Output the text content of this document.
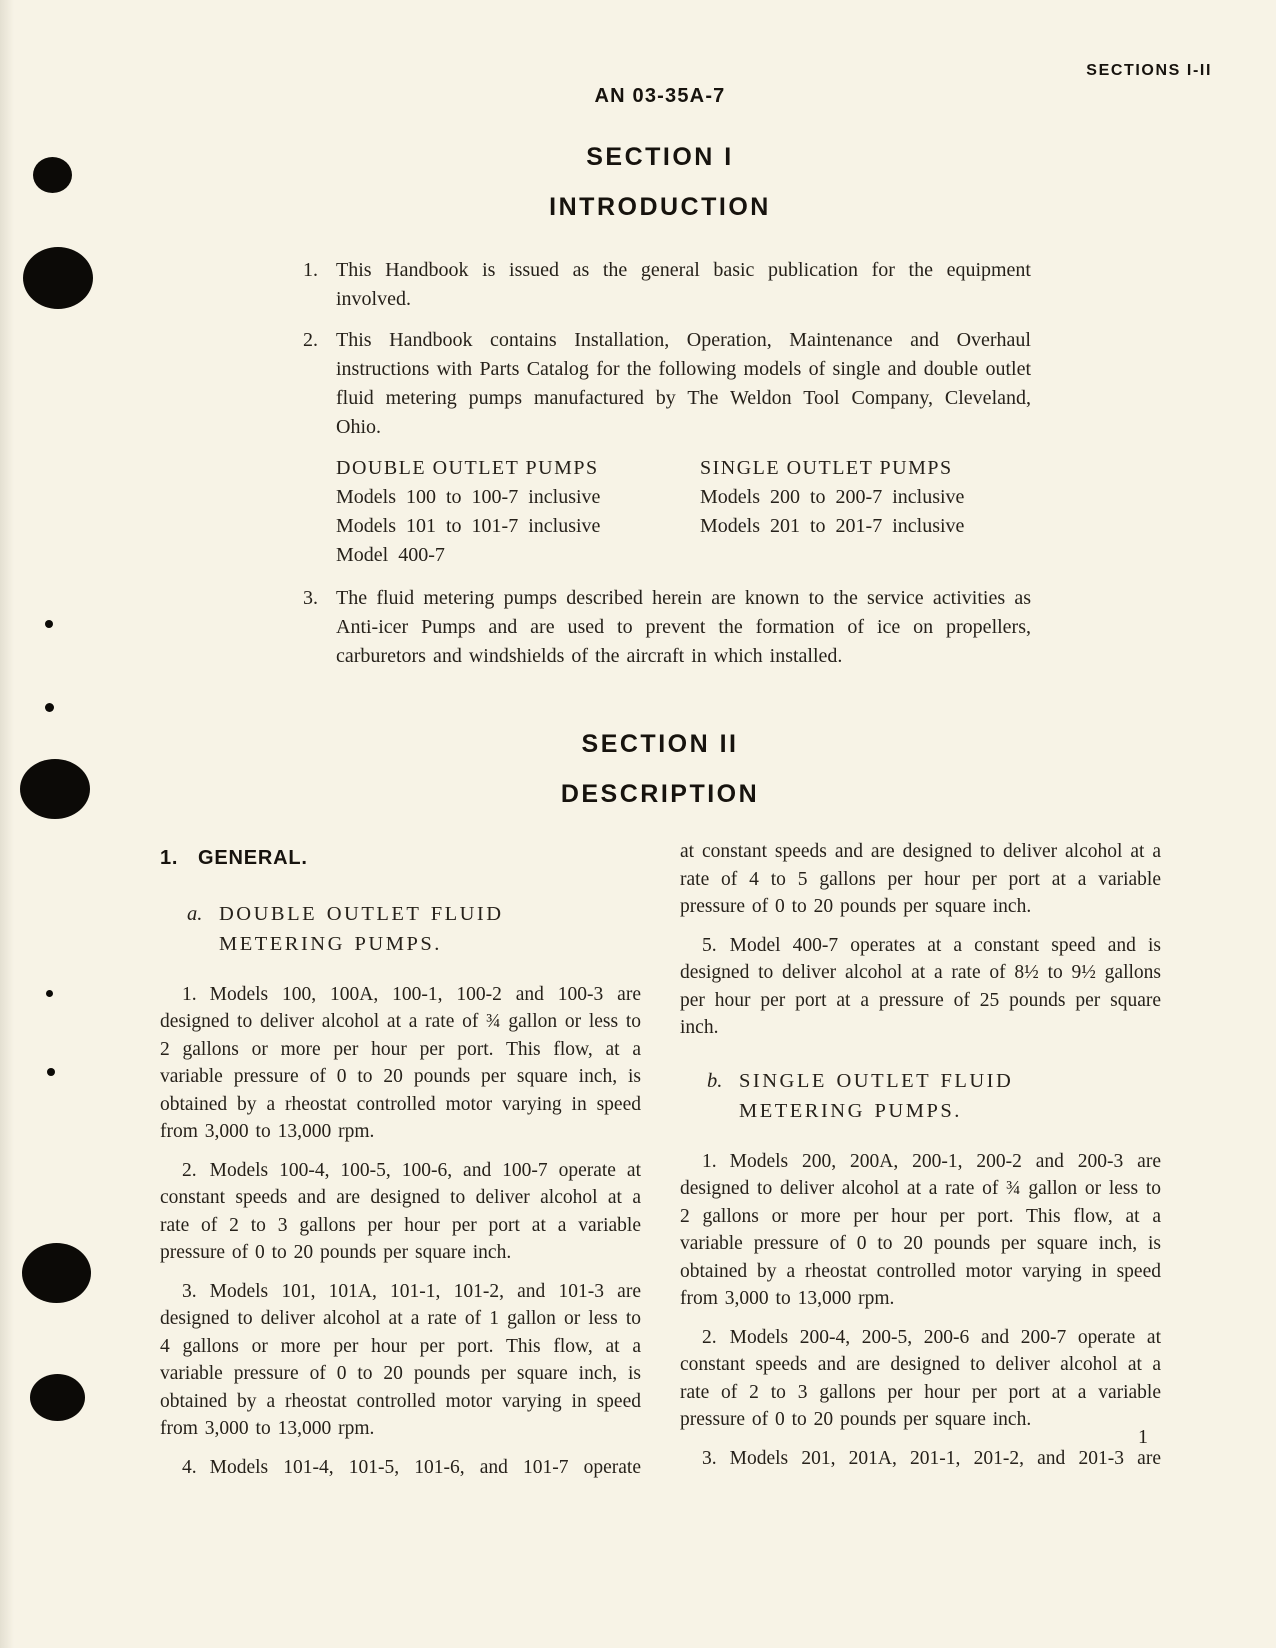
SECTIONS I-II
AN 03-35A-7
SECTION I
INTRODUCTION
1. This Handbook is issued as the general basic publication for the equipment involved.
2. This Handbook contains Installation, Operation, Maintenance and Overhaul instructions with Parts Catalog for the following models of single and double outlet fluid metering pumps manufactured by The Weldon Tool Company, Cleveland, Ohio.
DOUBLE OUTLET PUMPS
Models 100 to 100-7 inclusive
Models 101 to 101-7 inclusive
Model 400-7
SINGLE OUTLET PUMPS
Models 200 to 200-7 inclusive
Models 201 to 201-7 inclusive
3. The fluid metering pumps described herein are known to the service activities as Anti-icer Pumps and are used to prevent the formation of ice on propellers, carburetors and windshields of the aircraft in which installed.
SECTION II
DESCRIPTION
1. GENERAL.
a. DOUBLE OUTLET FLUID
METERING PUMPS.

1. Models 100, 100A, 100-1, 100-2 and 100-3 are designed to deliver alcohol at a rate of ¾ gallon or less to 2 gallons or more per hour per port. This flow, at a variable pressure of 0 to 20 pounds per square inch, is obtained by a rheostat controlled motor varying in speed from 3,000 to 13,000 rpm.

2. Models 100-4, 100-5, 100-6, and 100-7 operate at constant speeds and are designed to deliver alcohol at a rate of 2 to 3 gallons per hour per port at a variable pressure of 0 to 20 pounds per square inch.

3. Models 101, 101A, 101-1, 101-2, and 101-3 are designed to deliver alcohol at a rate of 1 gallon or less to 4 gallons or more per hour per port. This flow, at a variable pressure of 0 to 20 pounds per square inch, is obtained by a rheostat controlled motor varying in speed from 3,000 to 13,000 rpm.

4. Models 101-4, 101-5, 101-6, and 101-7 operate

at constant speeds and are designed to deliver alcohol at a rate of 4 to 5 gallons per hour per port at a variable pressure of 0 to 20 pounds per square inch.

5. Model 400-7 operates at a constant speed and is designed to deliver alcohol at a rate of 8½ to 9½ gallons per hour per port at a pressure of 25 pounds per square inch.

b. SINGLE OUTLET FLUID
METERING PUMPS.

1. Models 200, 200A, 200-1, 200-2 and 200-3 are designed to deliver alcohol at a rate of ¾ gallon or less to 2 gallons or more per hour per port. This flow, at a variable pressure of 0 to 20 pounds per square inch, is obtained by a rheostat controlled motor varying in speed from 3,000 to 13,000 rpm.

2. Models 200-4, 200-5, 200-6 and 200-7 operate at constant speeds and are designed to deliver alcohol at a rate of 2 to 3 gallons per hour per port at a variable pressure of 0 to 20 pounds per square inch.

3. Models 201, 201A, 201-1, 201-2, and 201-3 are

1
